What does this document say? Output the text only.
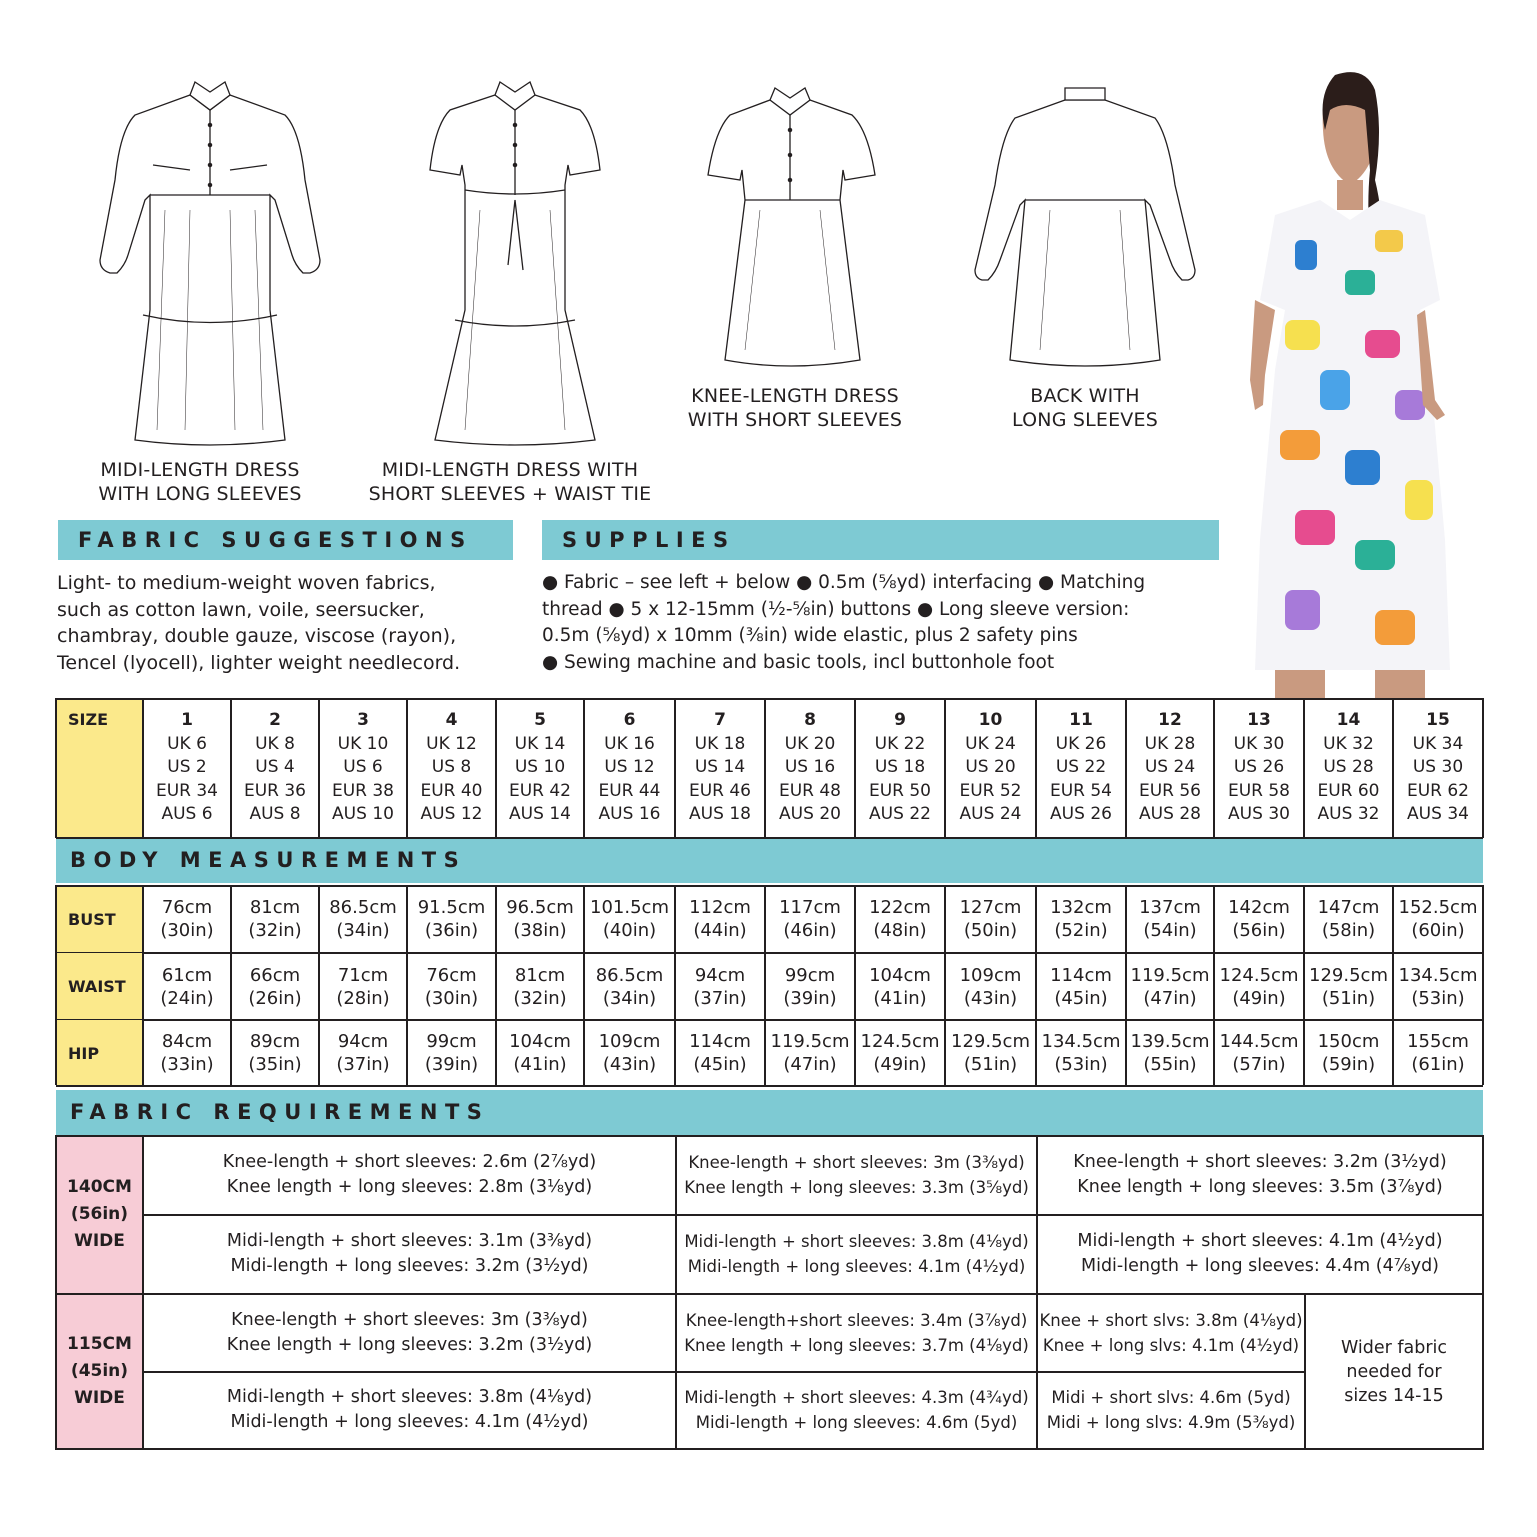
MIDI-LENGTH DRESS
WITH LONG SLEEVES
MIDI-LENGTH DRESS WITH
SHORT SLEEVES + WAIST TIE
KNEE-LENGTH DRESS
WITH SHORT SLEEVES
BACK WITH
LONG SLEEVES
FABRIC SUGGESTIONS
Light- to medium-weight woven fabrics,
such as cotton lawn, voile, seersucker,
chambray, double gauze, viscose (rayon),
Tencel (lyocell), lighter weight needlecord.
SUPPLIES
● Fabric – see left + below ● 0.5m (⅝yd) interfacing ● Matching
thread ● 5 x 12-15mm (½-⅝in) buttons ● Long sleeve version:
0.5m (⅝yd) x 10mm (⅜in) wide elastic, plus 2 safety pins
● Sewing machine and basic tools, incl buttonhole foot
SIZE	1
UK 6
US 2
EUR 34
AUS 6
2
UK 8
US 4
EUR 36
AUS 8
3
UK 10
US 6
EUR 38
AUS 10
4
UK 12
US 8
EUR 40
AUS 12
5
UK 14
US 10
EUR 42
AUS 14
6
UK 16
US 12
EUR 44
AUS 16
7
UK 18
US 14
EUR 46
AUS 18
8
UK 20
US 16
EUR 48
AUS 20
9
UK 22
US 18
EUR 50
AUS 22
10
UK 24
US 20
EUR 52
AUS 24
11
UK 26
US 22
EUR 54
AUS 26
12
UK 28
US 24
EUR 56
AUS 28
13
UK 30
US 26
EUR 58
AUS 30
14
UK 32
US 28
EUR 60
AUS 32
15
UK 34
US 30
EUR 62
AUS 34
BODY MEASUREMENTS
BUST
76cm
(30in)
81cm
(32in)
86.5cm
(34in)
91.5cm
(36in)
96.5cm
(38in)
101.5cm
(40in)
112cm
(44in)
117cm
(46in)
122cm
(48in)
127cm
(50in)
132cm
(52in)
137cm
(54in)
142cm
(56in)
147cm
(58in)
152.5cm
(60in)
WAIST
61cm
(24in)
66cm
(26in)
71cm
(28in)
76cm
(30in)
81cm
(32in)
86.5cm
(34in)
94cm
(37in)
99cm
(39in)
104cm
(41in)
109cm
(43in)
114cm
(45in)
119.5cm
(47in)
124.5cm
(49in)
129.5cm
(51in)
134.5cm
(53in)
HIP
84cm
(33in)
89cm
(35in)
94cm
(37in)
99cm
(39in)
104cm
(41in)
109cm
(43in)
114cm
(45in)
119.5cm
(47in)
124.5cm
(49in)
129.5cm
(51in)
134.5cm
(53in)
139.5cm
(55in)
144.5cm
(57in)
150cm
(59in)
155cm
(61in)
FABRIC REQUIREMENTS
140CM
(56in)
WIDE
Knee-length + short sleeves: 2.6m (2⅞yd)
Knee length + long sleeves: 2.8m (3⅛yd)
Knee-length + short sleeves: 3m (3⅜yd)
Knee length + long sleeves: 3.3m (3⅝yd)
Knee-length + short sleeves: 3.2m (3½yd)
Knee length + long sleeves: 3.5m (3⅞yd)
Midi-length + short sleeves: 3.1m (3⅜yd)
Midi-length + long sleeves: 3.2m (3½yd)
Midi-length + short sleeves: 3.8m (4⅛yd)
Midi-length + long sleeves: 4.1m (4½yd)
Midi-length + short sleeves: 4.1m (4½yd)
Midi-length + long sleeves: 4.4m (4⅞yd)
115CM
(45in)
WIDE
Knee-length + short sleeves: 3m (3⅜yd)
Knee length + long sleeves: 3.2m (3½yd)
Knee-length+short sleeves: 3.4m (3⅞yd)
Knee length + long sleeves: 3.7m (4⅛yd)
Knee + short slvs: 3.8m (4⅛yd)
Knee + long slvs: 4.1m (4½yd)
Midi-length + short sleeves: 3.8m (4⅛yd)
Midi-length + long sleeves: 4.1m (4½yd)
Midi-length + short sleeves: 4.3m (4¾yd)
Midi-length + long sleeves: 4.6m (5yd)
Midi + short slvs: 4.6m (5yd)
Midi + long slvs: 4.9m (5⅜yd)
Wider fabric
needed for
sizes 14-15
